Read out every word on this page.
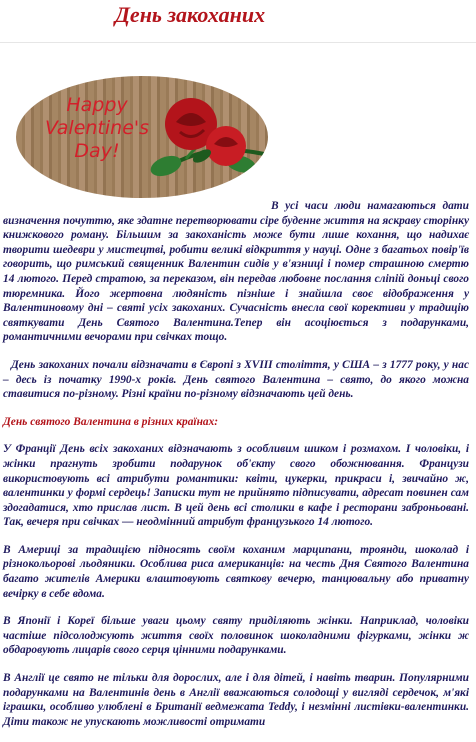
День закоханих
Happy
Valentine's
Day!

В усі часи люди намагаються дати визначення почуттю, яке здатне перетворювати сіре буденне життя на яскраву сторінку книжкового роману. Більшим за закоханість може бути лише кохання, що надихає творити шедеври у мистецтві, робити великі відкриття у науці. Одне з багатьох повір'їв говорить, що римський священник Валентин сидів у в'язниці і помер страшною смертю 14 лютого. Перед стратою, за переказом, він передав любовне послання сліпій доньці свого тюремника. Його жертовна людяність пізніше і знайшла своє відображення у Валентиновому дні – святі усіх закоханих. Сучасність внесла свої корективи у традицію святкувати День Святого Валентина.Тепер він асоціюється з подарунками, романтичними вечорами при свічках тощо.

День закоханих почали відзначати в Європі з XVIII століття, у США – з 1777 року, у нас – десь із початку 1990-х років. День святого Валентина – свято, до якого можна ставитися по-різному. Різні країни по-різному відзначають цей день.

День святого Валентина в різних країнах:

У Франції День всіх закоханих відзначають з особливим шиком і розмахом. І чоловіки, і жінки прагнуть зробити подарунок об'єкту свого обожнювання. Французи використовують всі атрибути романтики: квіти, цукерки, прикраси і, звичайно ж, валентинки у формі сердець! Записки тут не прийнято підписувати, адресат повинен сам здогадатися, хто прислав лист. В цей день всі столики в кафе і ресторани заброньовані. Так, вечеря при свічках — неодмінний атрибут французького 14 лютого.

В Америці за традицією підносять своїм коханим марципани, троянди, шоколад і різнокольорові льодяники. Особлива риса американців: на честь Дня Святого Валентина багато жителів Америки влаштовують святкову вечерю, танцювальну або приватну вечірку в себе вдома.

В Японії і Кореї більше уваги цьому святу приділяють жінки. Наприклад, чоловіки частіше підсолоджують життя своїх половинок шоколадними фігурками, жінки ж обдаровують лицарів свого серця цінними подарунками.

В Англії це свято не тільки для дорослих, але і для дітей, і навіть тварин. Популярними подарунками на Валентинів день в Англії вважаються солодощі у вигляді сердечок, м'які іграшки, особливо улюблені в Британії ведмежата Teddy, і незмінні листівки-валентинки. Діти також не упускають можливості отримати
